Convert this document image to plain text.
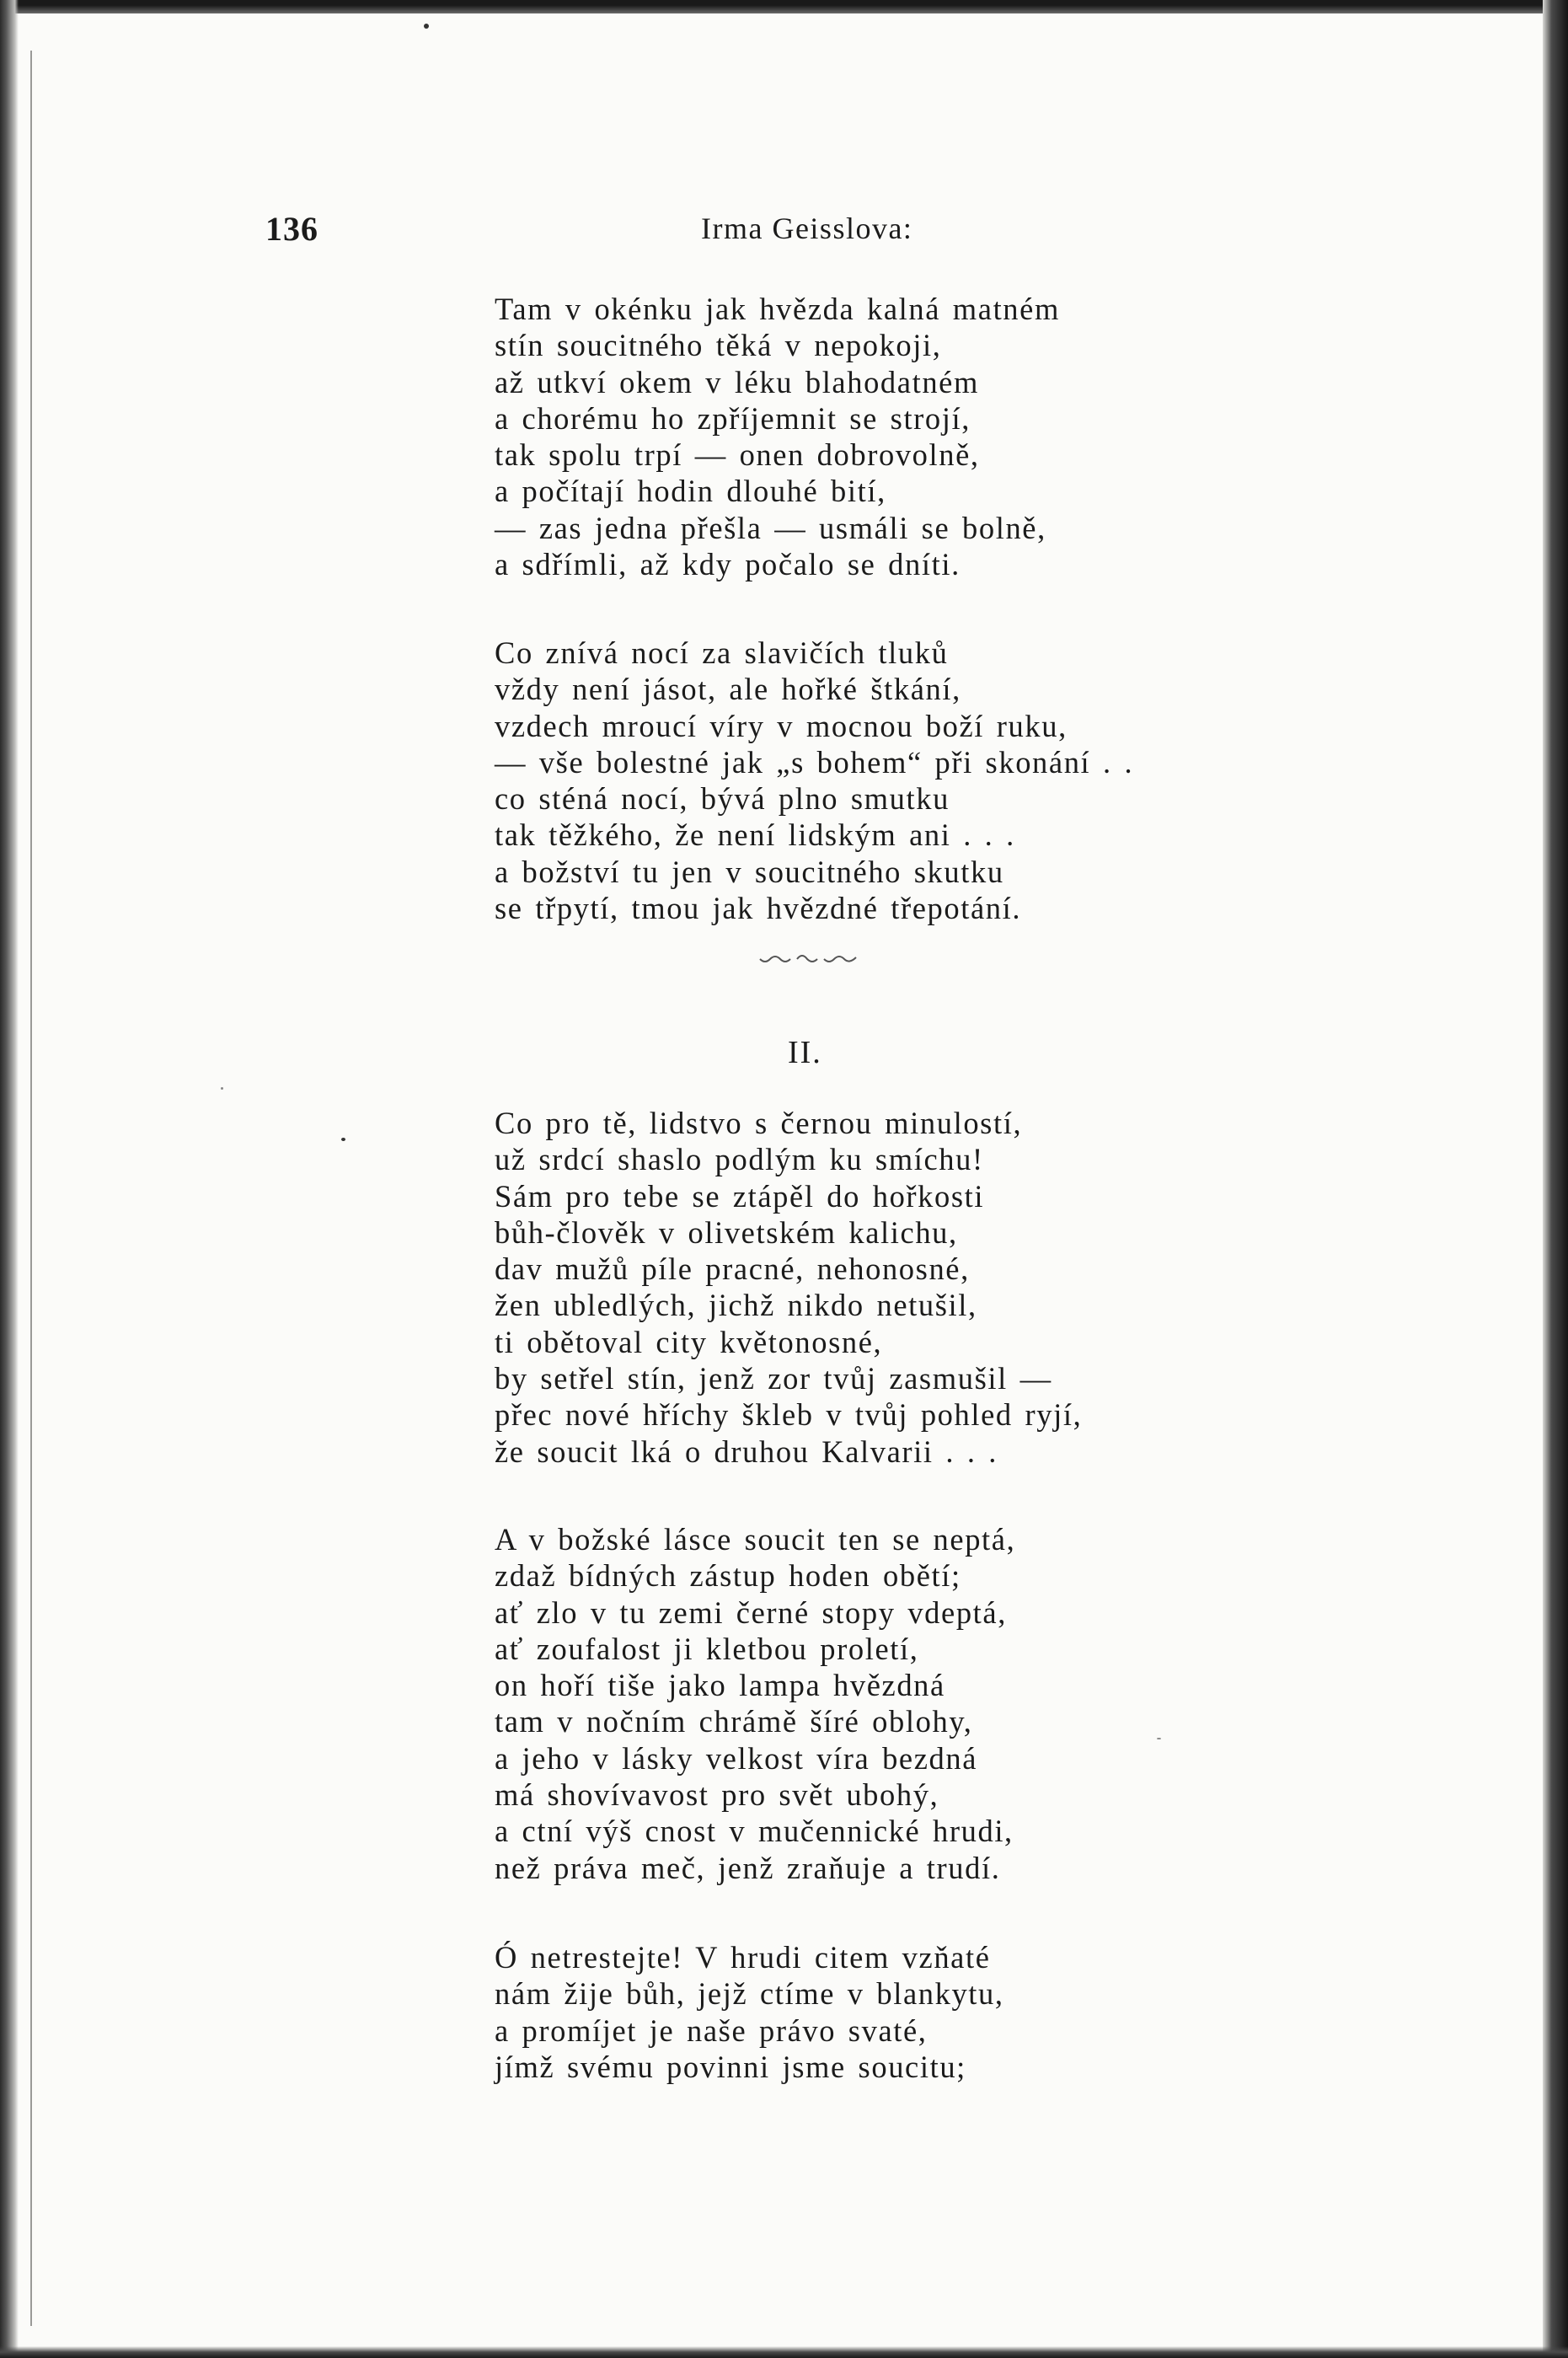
136	Irma Geisslova:
Tam v okénku jak hvězda kalná matném
stín soucitného těká v nepokoji,
až utkví okem v léku blahodatném
a chorému ho zpříjemnit se strojí,
tak spolu trpí — onen dobrovolně,
a počítají hodin dlouhé bití,
— zas jedna přešla — usmáli se bolně,
a sdřímli, až kdy počalo se dníti.
Co znívá nocí za slavičích tluků
vždy není jásot, ale hořké štkání,
vzdech mroucí víry v mocnou boží ruku,
— vše bolestné jak „s bohem“ při skonání . .
co sténá nocí, bývá plno smutku
tak těžkého, že není lidským ani . . .
a božství tu jen v soucitného skutku
se třpytí, tmou jak hvězdné třepotání.
II.
Co pro tě, lidstvo s černou minulostí,
už srdcí shaslo podlým ku smíchu!
Sám pro tebe se ztápěl do hořkosti
bůh-člověk v olivetském kalichu,
dav mužů píle pracné, nehonosné,
žen ubledlých, jichž nikdo netušil,
ti obětoval city květonosné,
by setřel stín, jenž zor tvůj zasmušil —
přec nové hříchy škleb v tvůj pohled ryjí,
že soucit lká o druhou Kalvarii . . .
A v božské lásce soucit ten se neptá,
zdaž bídných zástup hoden obětí;
ať zlo v tu zemi černé stopy vdeptá,
ať zoufalost ji kletbou proletí,
on hoří tiše jako lampa hvězdná
tam v nočním chrámě šíré oblohy,
a jeho v lásky velkost víra bezdná
má shovívavost pro svět ubohý,
a ctní výš cnost v mučennické hrudi,
než práva meč, jenž zraňuje a trudí.
Ó netrestejte! V hrudi citem vzňaté
nám žije bůh, jejž ctíme v blankytu,
a promíjet je naše právo svaté,
jímž svému povinni jsme soucitu;
